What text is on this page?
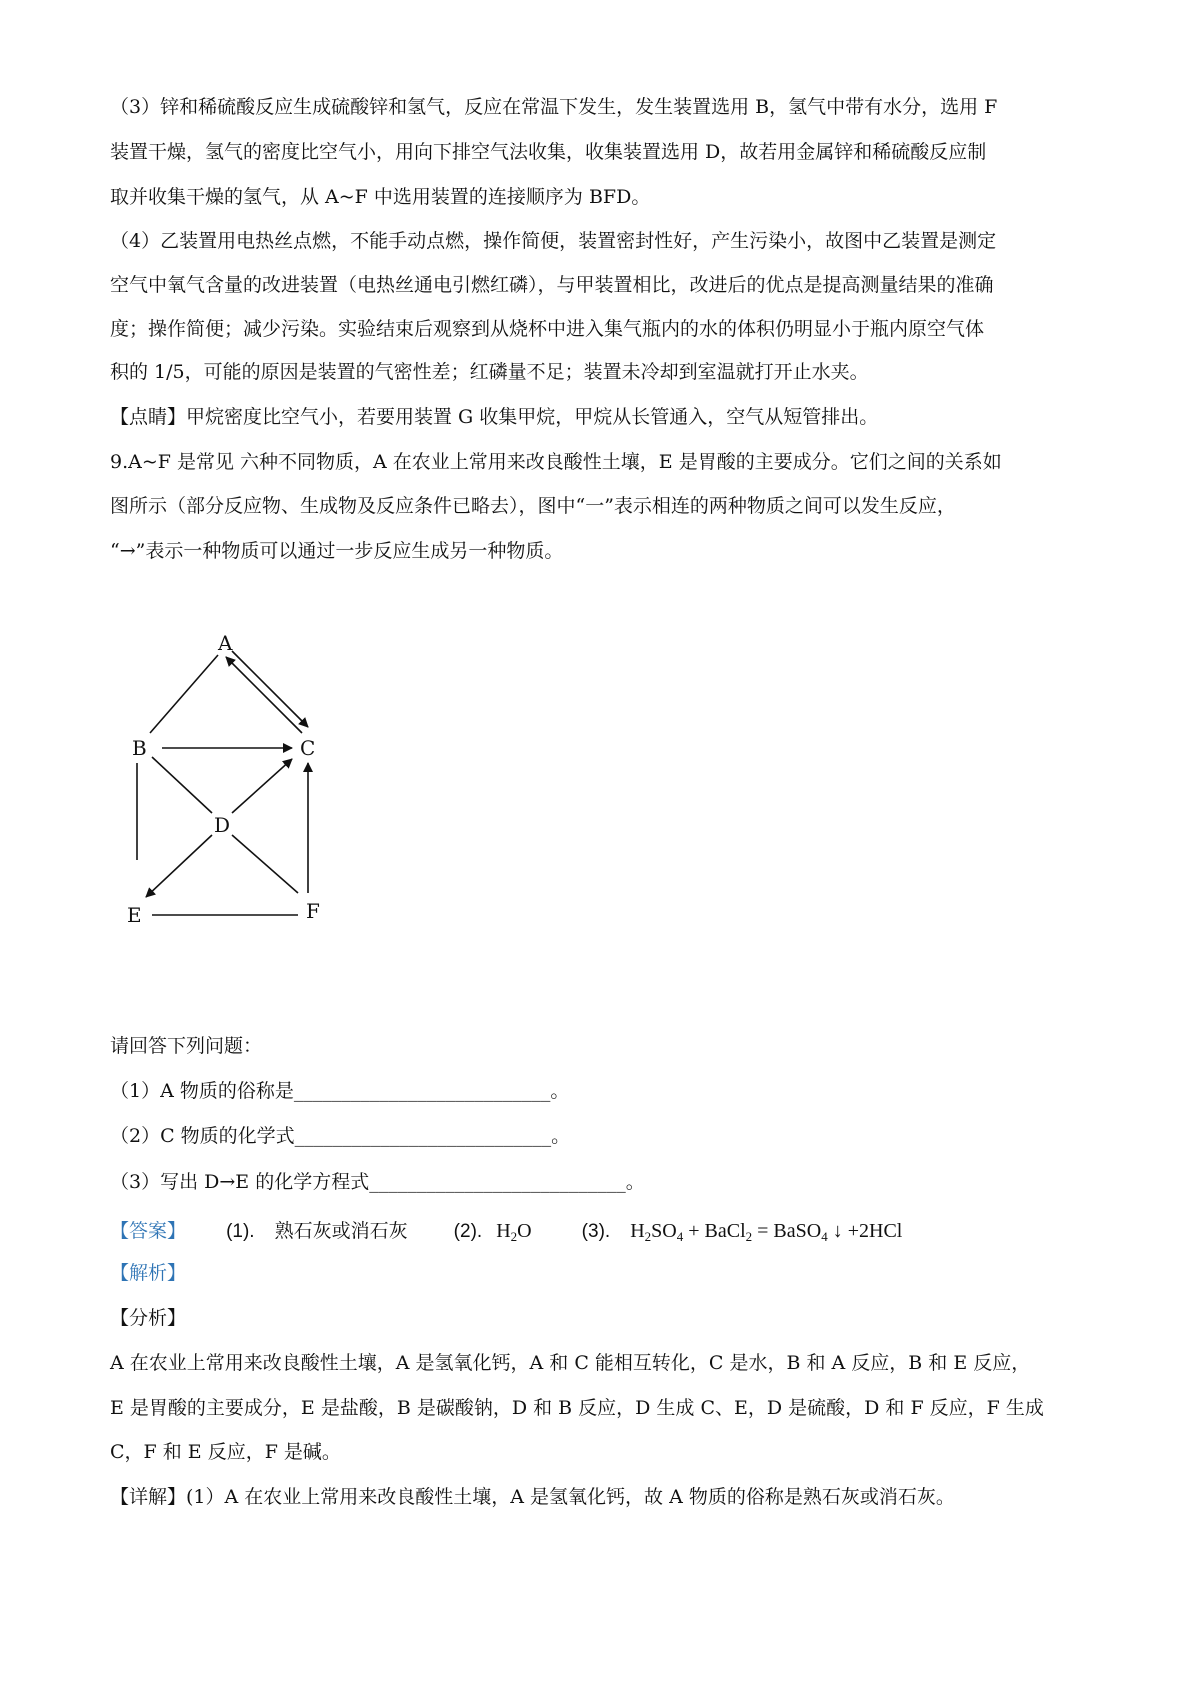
（3）锌和稀硫酸反应生成硫酸锌和氢气，反应在常温下发生，发生装置选用 B，氢气中带有水分，选用 F
装置干燥，氢气的密度比空气小，用向下排空气法收集，收集装置选用 D，故若用金属锌和稀硫酸反应制
取并收集干燥的氢气，从 A~F 中选用装置的连接顺序为 BFD。
（4）乙装置用电热丝点燃，不能手动点燃，操作简便，装置密封性好，产生污染小，故图中乙装置是测定
空气中氧气含量的改进装置（电热丝通电引燃红磷），与甲装置相比，改进后的优点是提高测量结果的准确
度；操作简便；减少污染。实验结束后观察到从烧杯中进入集气瓶内的水的体积仍明显小于瓶内原空气体
积的 1/5，可能的原因是装置的气密性差；红磷量不足；装置未冷却到室温就打开止水夹。
【点睛】甲烷密度比空气小，若要用装置 G 收集甲烷，甲烷从长管通入，空气从短管排出。
9.A~F 是常见 六种不同物质，A 在农业上常用来改良酸性土壤，E 是胃酸的主要成分。它们之间的关系如
图所示（部分反应物、生成物及反应条件已略去），图中“一”表示相连的两种物质之间可以发生反应，
“→”表示一种物质可以通过一步反应生成另一种物质。
A
B	C
D
E	F
请回答下列问题：
（1）A 物质的俗称是___________________________。
（2）C 物质的化学式___________________________。
（3）写出 D→E 的化学方程式___________________________。
【答案】 (1). 熟石灰或消石灰 (2). $H_2O$	(3). $H_2SO_4$ + BaCl$_2$ = BaSO$_4$ ↓ +2HCl
【解析】
【分析】
A 在农业上常用来改良酸性土壤，A 是氢氧化钙，A 和 C 能相互转化，C 是水，B 和 A 反应，B 和 E 反应，
E 是胃酸的主要成分，E 是盐酸，B 是碳酸钠，D 和 B 反应，D 生成 C、E，D 是硫酸，D 和 F 反应，F 生成
C，F 和 E 反应，F 是碱。
【详解】(1）A 在农业上常用来改良酸性土壤，A 是氢氧化钙，故 A 物质的俗称是熟石灰或消石灰。
